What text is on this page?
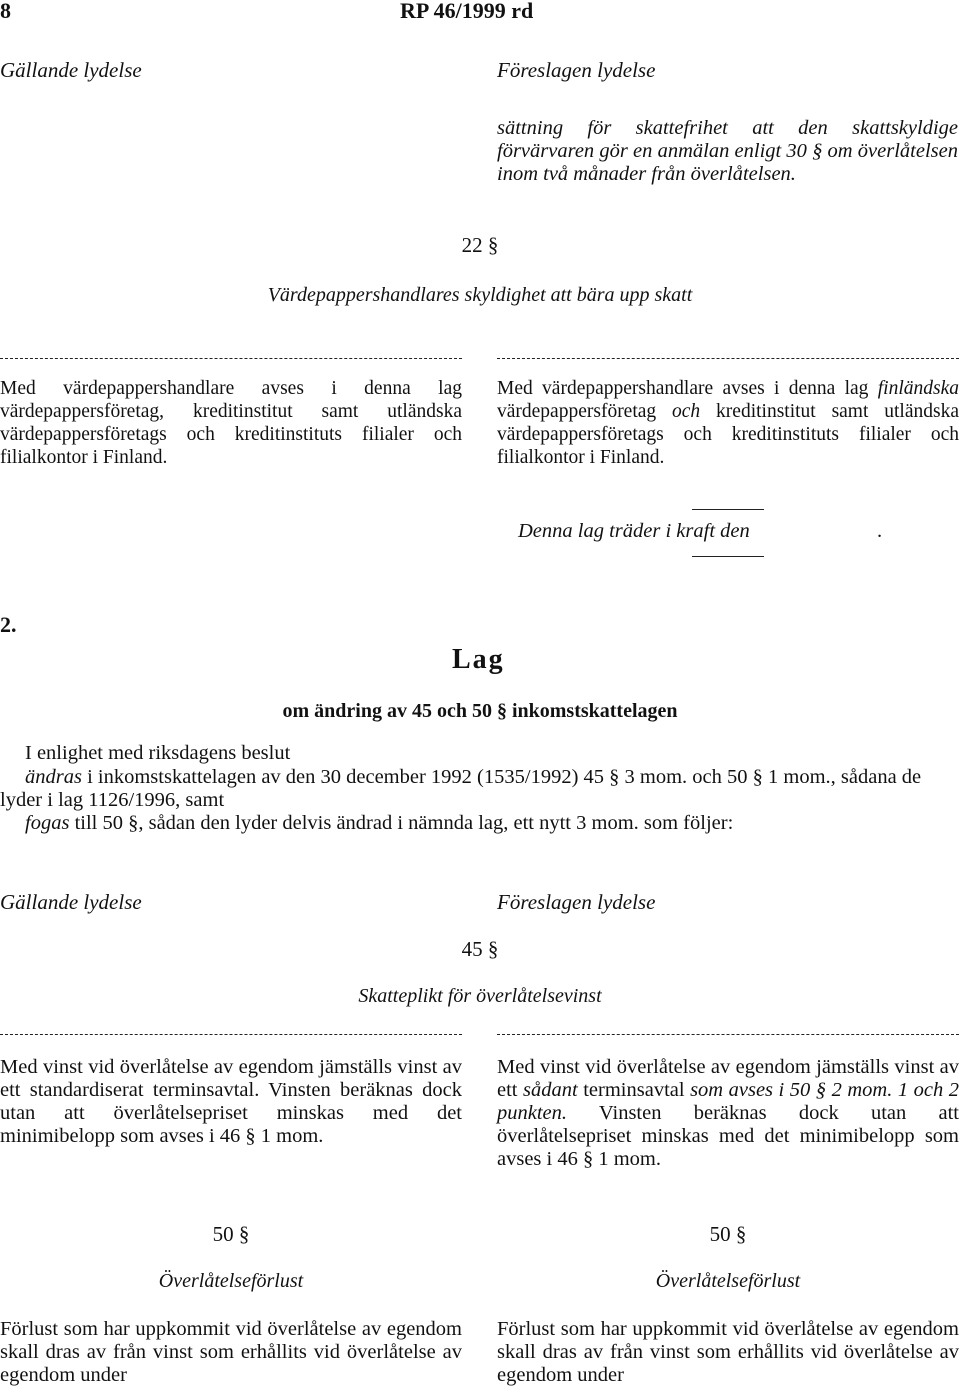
8	RP 46/1999 rd
Gällande lydelse	Föreslagen lydelse

sättning för skattefrihet att den skattskyldige förvärvaren gör en anmälan enligt 30 § om överlåtelsen inom två månader från överlåtelsen.

22 §

Värdepappershandlares skyldighet att bära upp skatt

Med värdepappershandlare avses i denna lag värdepappersföretag, kreditinstitut samt utländska värdepappersföretags och kreditinstituts filialer och filialkontor i Finland.

Med värdepappershandlare avses i denna lag finländska värdepappersföretag och kreditinstitut samt utländska värdepappersföretags och kreditinstituts filialer och filialkontor i Finland.

Denna lag träder i kraft den	.
2.
Lag
om ändring av 45 och 50 § inkomstskattelagen
I enlighet med riksdagens beslut

ändras i inkomstskattelagen av den 30 december 1992 (1535/1992) 45 § 3 mom. och 50 § 1 mom., sådana de lyder i lag 1126/1996, samt

fogas till 50 §, sådan den lyder delvis ändrad i nämnda lag, ett nytt 3 mom. som följer:

Gällande lydelse	Föreslagen lydelse
45 §
Skatteplikt för överlåtelsevinst

Med vinst vid överlåtelse av egendom jämställs vinst av ett standardiserat terminsavtal. Vinsten beräknas dock utan att överlåtelsepriset minskas med det minimibelopp som avses i 46 § 1 mom.

Med vinst vid överlåtelse av egendom jämställs vinst av ett sådant terminsavtal som avses i 50 § 2 mom. 1 och 2 punkten. Vinsten beräknas dock utan att överlåtelsepriset minskas med det minimibelopp som avses i 46 § 1 mom.

50 §	50 §
Överlåtelseförlust	Överlåtelseförlust

Förlust som har uppkommit vid överlåtelse av egendom skall dras av från vinst som erhållits vid överlåtelse av egendom under

Förlust som har uppkommit vid överlåtelse av egendom skall dras av från vinst som erhållits vid överlåtelse av egendom under
